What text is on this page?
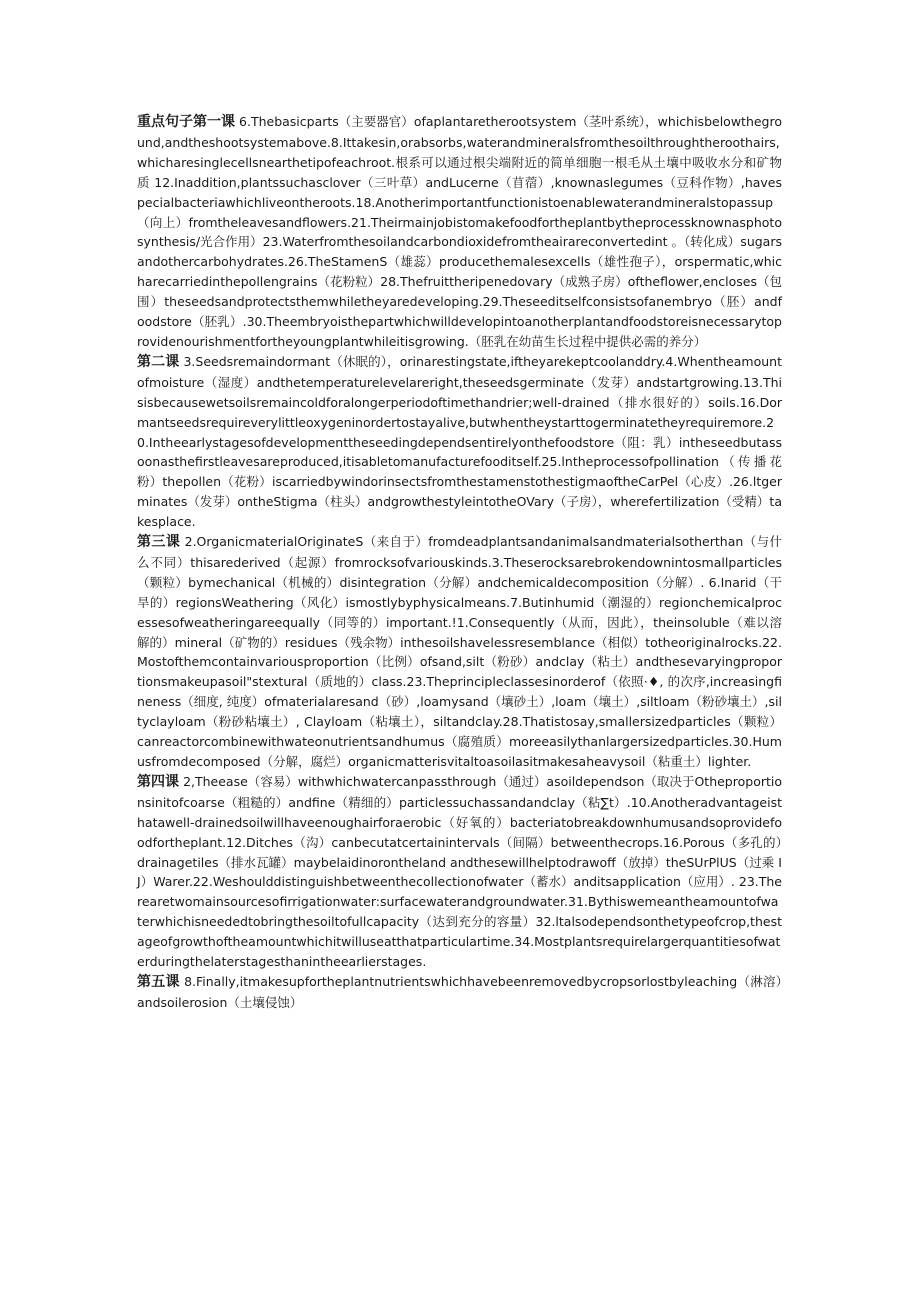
重点句子第一课 6.Thebasicparts（主要器官）ofaplantaretherootsystem（茎叶系统），whichisbelowtheground,andtheshootsystemabove.8.Ittakesin,orabsorbs,waterandmineralsfromthesoilthroughtheroothairs,whicharesinglecellsnearthetipofeachroot.根系可以通过根尖端附近的简单细胞一根毛从土壤中吸收水分和矿物质 12.Inaddition,plantssuchasclover（三叶草）andLucerne（苜蓿）,knownaslegumes（豆科作物）,havespecialbacteriawhichliveontheroots.18.Anotherimportantfunctionistoenablewaterandmineralstopassup（向上）fromtheleavesandflowers.21.Theirmainjobistomakefoodfortheplantbytheprocessknownasphotosynthesis/光合作用）23.Waterfromthesoilandcarbondioxidefromtheairareconvertedint 。（转化成）sugarsandothercarbohydrates.26.TheStamenS（雄蕊）producethemalesexcells（雄性孢子），orspermatic,whicharecarriedinthepollengrains（花粉粒）28.Thefruittheripenedovary（成熟子房）oftheflower,encloses（包围）theseedsandprotectsthemwhiletheyaredeveloping.29.Theseeditselfconsistsofanembryo（胚）andfoodstore（胚乳）.30.Theembryoisthepartwhichwilldevelopintoanotherplantandfoodstoreisnecessarytoprovidenourishmentfortheyoungplantwhileitisgrowing.（胚乳在幼苗生长过程中提供必需的养分）

第二课 3.Seedsremaindormant（休眠的），orinarestingstate,iftheyarekeptcoolanddry.4.Whentheamountofmoisture（湿度）andthetemperaturelevelareright,theseedsgerminate（发芽）andstartgrowing.13.Thisisbecausewetsoilsremaincoldforalongerperiodoftimethandrier;well-drained（排水很好的）soils.16.Dormantseedsrequireverylittleoxygeninordertostayalive,butwhentheystarttogerminatetheyrequiremore.20.Intheearlystagesofdevelopmenttheseedingdependsentirelyonthefoodstore（阻：乳）intheseedbutassoonasthefirstleavesareproduced,itisabletomanufacturefooditself.25.lntheprocessofpollination（传播花粉）thepollen（花粉）iscarriedbywindorinsectsfromthestamenstothestigmaoftheCarPel（心皮）.26.ltgerminates（发芽）ontheStigma（柱头）andgrowthestyleintotheOVary（子房），wherefertilization（受精）takesplace.

第三课 2.OrganicmaterialOriginateS（来自于）fromdeadplantsandanimalsandmaterialsotherthan（与什么不同）thisarederived（起源）fromrocksofvariouskinds.3.Theserocksarebrokendownintosmallparticles（颗粒）bymechanical（机械的）disintegration（分解）andchemicaldecomposition（分解）. 6.Inarid（干旱的）regionsWeathering（风化）ismostlybyphysicalmeans.7.Butinhumid（潮湿的）regionchemicalprocessesofweatheringareequally（同等的）important.!1.Consequently（从而，因此），theinsoluble（难以溶解的）mineral（矿物的）residues（残余物）inthesoilshavelessresemblance（相似）totheoriginalrocks.22.Mostofthemcontainvariousproportion（比例）ofsand,silt（粉砂）andclay（粘土）andthesevaryingproportionsmakeupasoil"stextural（质地的）class.23.Theprincipleclassesinorderof（依照·♦, 的次序,increasingfineness（细度, 纯度）ofmaterialaresand（砂）,loamysand（壤砂土）,loam（壤土）,siltloam（粉砂壤土）,siltyclayloam（粉砂粘壤土）, Clayloam（粘壤土），siltandclay.28.Thatistosay,smallersizedparticles（颗粒）canreactorcombinewithwateonutrientsandhumus（腐殖质）moreeasilythanlargersizedparticles.30.Humusfromdecomposed（分解，腐烂）organicmatterisvitaltoasoilasitmakesaheavysoil（粘重土）lighter.

第四课 2,Theease（容易）withwhichwatercanpassthrough（通过）asoildependson（取决于Otheproportionsinitofcoarse（粗糙的）andfine（精细的）particlessuchassandandclay（粘∑t）.10.Anotheradvantageisthatawell-drainedsoilwillhaveenoughairforaerobic（好氧的）bacteriatobreakdownhumusandsoprovidefoodfortheplant.12.Ditches（沟）canbecutatcertainintervals（间隔）betweenthecrops.16.Porous（多孔的）drainagetiles（排水瓦罐）maybelaidinorontheland andthesewillhelptodrawoff（放掉）theSUrPlUS（过乘 IJ）Warer.22.Weshoulddistinguishbetweenthecollectionofwater（蓄水）anditsapplication（应用）. 23.Therearetwomainsourcesofirrigationwater:surfacewaterandgroundwater.31.Bythiswemeantheamountofwaterwhichisneededtobringthesoiltofullcapacity（达到充分的容量）32.ltalsodependsonthetypeofcrop,thestageofgrowthoftheamountwhichitwilluseatthatparticulartime.34.Mostplantsrequirelargerquantitiesofwaterduringthelaterstagesthanintheearlierstages.

第五课 8.Finally,itmakesupfortheplantnutrientswhichhavebeenremovedbycropsorlostbyleaching（淋溶）andsoilerosion（土壤侵蚀）
